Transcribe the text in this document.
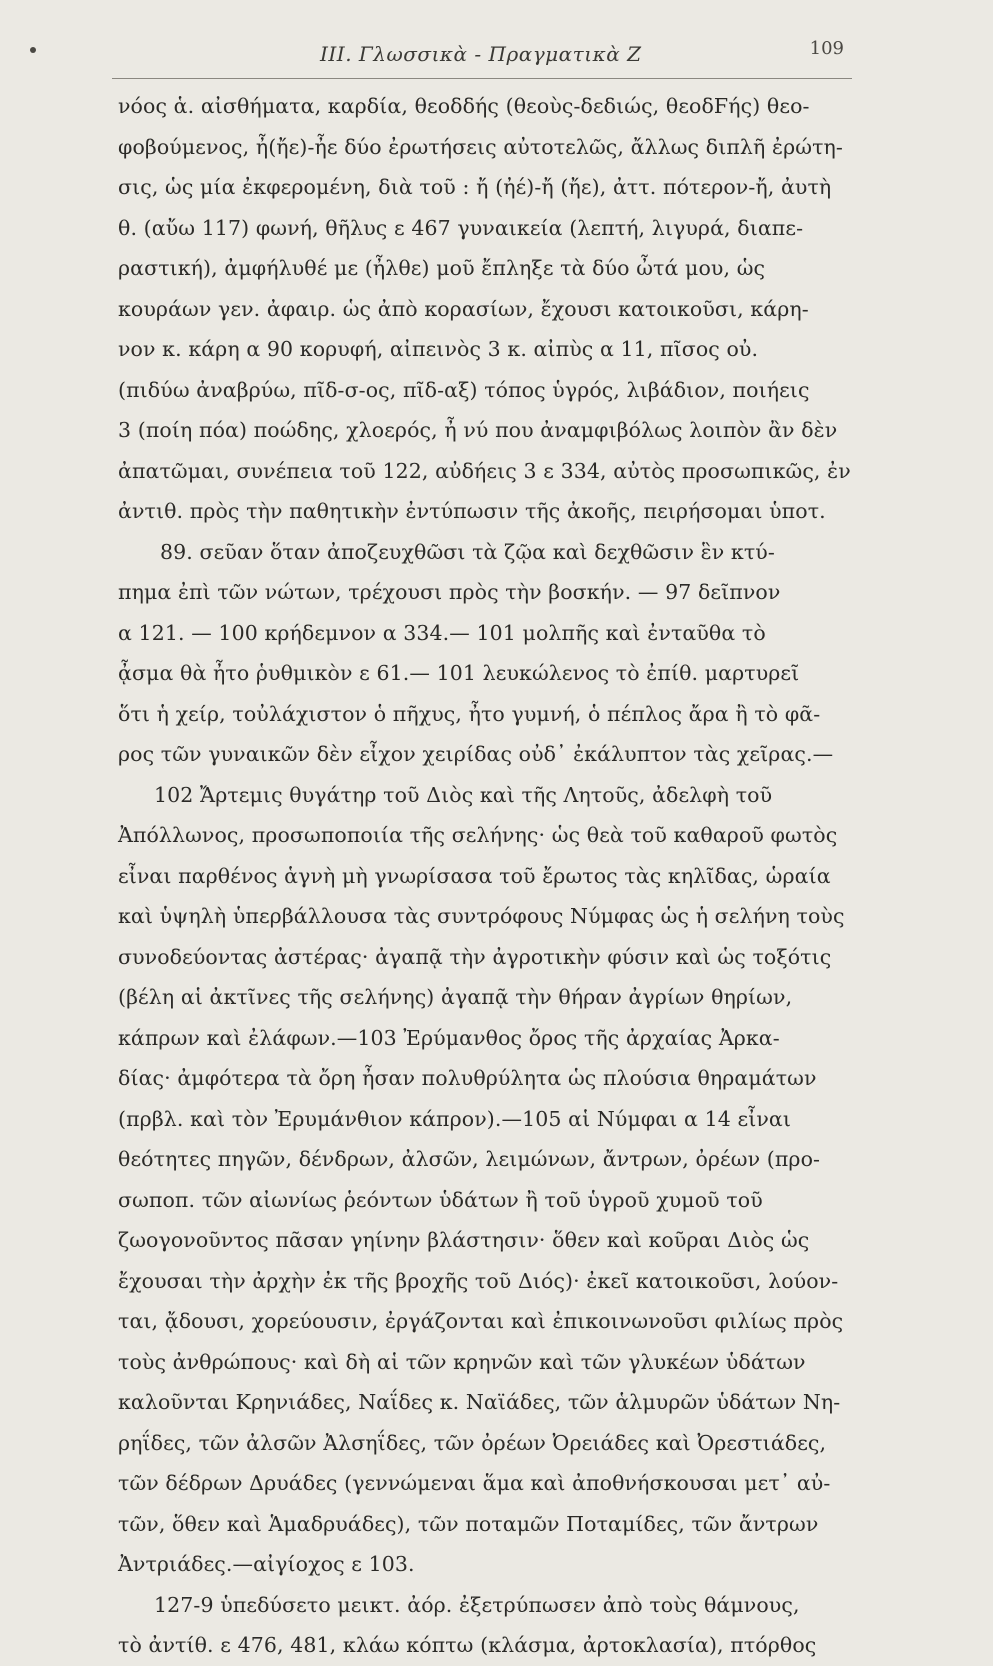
III. Γλωσσικὰ - Πραγματικὰ Ζ	109
νόος ἁ. αἰσθήματα, καρδία, θεοδδής (θεοὺς-δεδιώς, θεοδϜής) θεο-
φοβούμενος, ἦ(ἤε)-ἦε δύο ἐρωτήσεις αὐτοτελῶς, ἄλλως διπλῆ ἐρώτη-
σις, ὡς μία ἐκφερομένη, διὰ τοῦ : ἤ (ἠέ)-ἤ (ἤε), ἀττ. πότερον-ἤ, ἀυτὴ
θ. (αὔω 117) φωνή, θῆλυς ε 467 γυναικεία (λεπτή, λιγυρά, διαπε-
ραστική), ἀμφήλυθέ με (ἦλθε) μοῦ ἔπληξε τὰ δύο ὦτά μου, ὡς
κουράων γεν. ἀφαιρ. ὡς ἀπὸ κορασίων, ἔχουσι κατοικοῦσι, κάρη-
νον κ. κάρη α 90 κορυφή, αἰπεινὸς 3 κ. αἰπὺς α 11, πῖσος οὐ.
(πιδύω ἀναβρύω, πῖδ-σ-ος, πῖδ-αξ) τόπος ὑγρός, λιβάδιον, ποιήεις
3 (ποίη πόα) ποώδης, χλοερός, ἦ νύ που ἀναμφιβόλως λοιπὸν ἂν δὲν
ἀπατῶμαι, συνέπεια τοῦ 122, αὐδήεις 3 ε 334, αὐτὸς προσωπικῶς, ἐν
ἀντιθ. πρὸς τὴν παθητικὴν ἐντύπωσιν τῆς ἀκοῆς, πειρήσομαι ὑποτ.
89. σεῦαν ὅταν ἀποζευχθῶσι τὰ ζῷα καὶ δεχθῶσιν ἓν κτύ-
πημα ἐπὶ τῶν νώτων, τρέχουσι πρὸς τὴν βοσκήν. — 97 δεῖπνον
α 121. — 100 κρήδεμνον α 334.— 101 μολπῆς καὶ ἐνταῦθα τὸ
ᾆσμα θὰ ἦτο ῥυθμικὸν ε 61.— 101 λευκώλενος τὸ ἐπίθ. μαρτυρεῖ
ὅτι ἡ χείρ, τοὐλάχιστον ὁ πῆχυς, ἦτο γυμνή, ὁ πέπλος ἄρα ἢ τὸ φᾶ-
ρος τῶν γυναικῶν δὲν εἶχον χειρίδας οὐδ᾽ ἐκάλυπτον τὰς χεῖρας.—
102 Ἄρτεμις θυγάτηρ τοῦ Διὸς καὶ τῆς Λητοῦς, ἀδελφὴ τοῦ
Ἀπόλλωνος, προσωποποιία τῆς σελήνης· ὡς θεὰ τοῦ καθαροῦ φωτὸς
εἶναι παρθένος ἁγνὴ μὴ γνωρίσασα τοῦ ἔρωτος τὰς κηλῖδας, ὡραία
καὶ ὑψηλὴ ὑπερβάλλουσα τὰς συντρόφους Νύμφας ὡς ἡ σελήνη τοὺς
συνοδεύοντας ἀστέρας· ἀγαπᾷ τὴν ἀγροτικὴν φύσιν καὶ ὡς τοξότις
(βέλη αἱ ἀκτῖνες τῆς σελήνης) ἀγαπᾷ τὴν θήραν ἀγρίων θηρίων,
κάπρων καὶ ἐλάφων.—103 Ἐρύμανθος ὄρος τῆς ἀρχαίας Ἀρκα-
δίας· ἀμφότερα τὰ ὄρη ἦσαν πολυθρύλητα ὡς πλούσια θηραμάτων
(πρβλ. καὶ τὸν Ἐρυμάνθιον κάπρον).—105 αἱ Νύμφαι α 14 εἶναι
θεότητες πηγῶν, δένδρων, ἀλσῶν, λειμώνων, ἄντρων, ὀρέων (προ-
σωποπ. τῶν αἰωνίως ῥεόντων ὑδάτων ἢ τοῦ ὑγροῦ χυμοῦ τοῦ
ζωογονοῦντος πᾶσαν γηίνην βλάστησιν· ὅθεν καὶ κοῦραι Διὸς ὡς
ἔχουσαι τὴν ἀρχὴν ἐκ τῆς βροχῆς τοῦ Διός)· ἐκεῖ κατοικοῦσι, λούον-
ται, ᾄδουσι, χορεύουσιν, ἐργάζονται καὶ ἐπικοινωνοῦσι φιλίως πρὸς
τοὺς ἀνθρώπους· καὶ δὴ αἱ τῶν κρηνῶν καὶ τῶν γλυκέων ὑδάτων
καλοῦνται Κρηνιάδες, Ναΐδες κ. Ναϊάδες, τῶν ἁλμυρῶν ὑδάτων Νη-
ρηΐδες, τῶν ἀλσῶν Ἀλσηΐδες, τῶν ὀρέων Ὀρειάδες καὶ Ὀρεστιάδες,
τῶν δέδρων Δρυάδες (γεννώμεναι ἅμα καὶ ἀποθνήσκουσαι μετ᾽ αὐ-
τῶν, ὅθεν καὶ Ἁμαδρυάδες), τῶν ποταμῶν Ποταμίδες, τῶν ἄντρων
Ἀντριάδες.—αἰγίοχος ε 103.
127-9 ὑπεδύσετο μεικτ. ἀόρ. ἐξετρύπωσεν ἀπὸ τοὺς θάμνους,
τὸ ἀντίθ. ε 476, 481, κλάω κόπτω (κλάσμα, ἀρτοκλασία), πτόρθος
